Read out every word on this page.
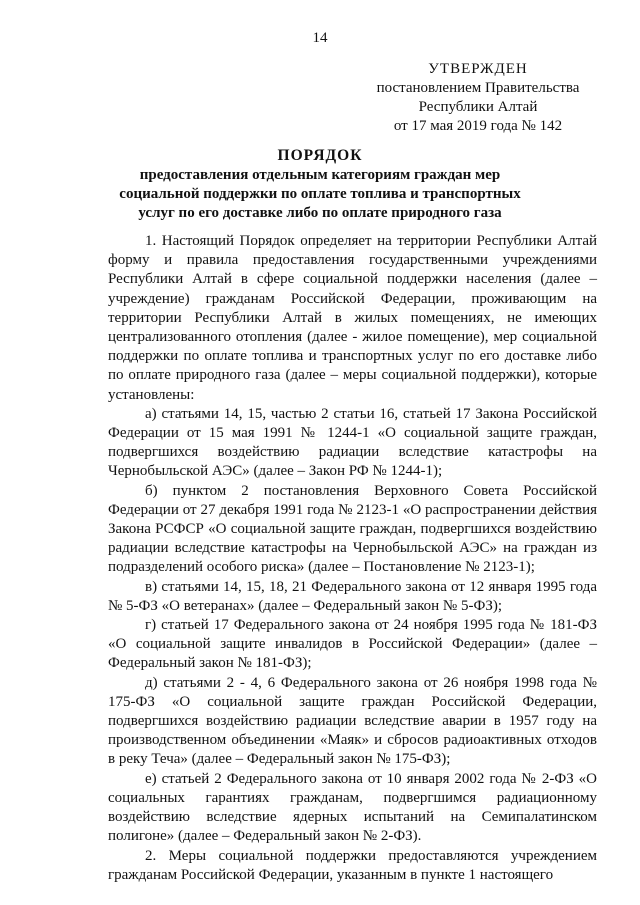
14
УТВЕРЖДЕН
постановлением Правительства
Республики Алтай
от 17 мая 2019 года № 142
ПОРЯДОК
предоставления отдельным категориям граждан мер социальной поддержки по оплате топлива и транспортных услуг по его доставке либо по оплате природного газа

1. Настоящий Порядок определяет на территории Республики Алтай форму и правила предоставления государственными учреждениями Республики Алтай в сфере социальной поддержки населения (далее – учреждение) гражданам Российской Федерации, проживающим на территории Республики Алтай в жилых помещениях, не имеющих централизованного отопления (далее - жилое помещение), мер социальной поддержки по оплате топлива и транспортных услуг по его доставке либо по оплате природного газа (далее – меры социальной поддержки), которые установлены:

а) статьями 14, 15, частью 2 статьи 16, статьей 17 Закона Российской Федерации от 15 мая 1991 № 1244-1 «О социальной защите граждан, подвергшихся воздействию радиации вследствие катастрофы на Чернобыльской АЭС» (далее – Закон РФ № 1244-1);

б) пунктом 2 постановления Верховного Совета Российской Федерации от 27 декабря 1991 года № 2123-1 «О распространении действия Закона РСФСР «О социальной защите граждан, подвергшихся воздействию радиации вследствие катастрофы на Чернобыльской АЭС» на граждан из подразделений особого риска» (далее – Постановление № 2123-1);

в) статьями 14, 15, 18, 21 Федерального закона от 12 января 1995 года № 5-ФЗ «О ветеранах» (далее – Федеральный закон № 5-ФЗ);

г) статьей 17 Федерального закона от 24 ноября 1995 года № 181-ФЗ «О социальной защите инвалидов в Российской Федерации» (далее – Федеральный закон № 181-ФЗ);

д) статьями 2 - 4, 6 Федерального закона от 26 ноября 1998 года № 175-ФЗ «О социальной защите граждан Российской Федерации, подвергшихся воздействию радиации вследствие аварии в 1957 году на производственном объединении «Маяк» и сбросов радиоактивных отходов в реку Теча» (далее – Федеральный закон № 175-ФЗ);

е) статьей 2 Федерального закона от 10 января 2002 года № 2-ФЗ «О социальных гарантиях гражданам, подвергшимся радиационному воздействию вследствие ядерных испытаний на Семипалатинском полигоне» (далее – Федеральный закон № 2-ФЗ).

2. Меры социальной поддержки предоставляются учреждением гражданам Российской Федерации, указанным в пункте 1 настоящего
